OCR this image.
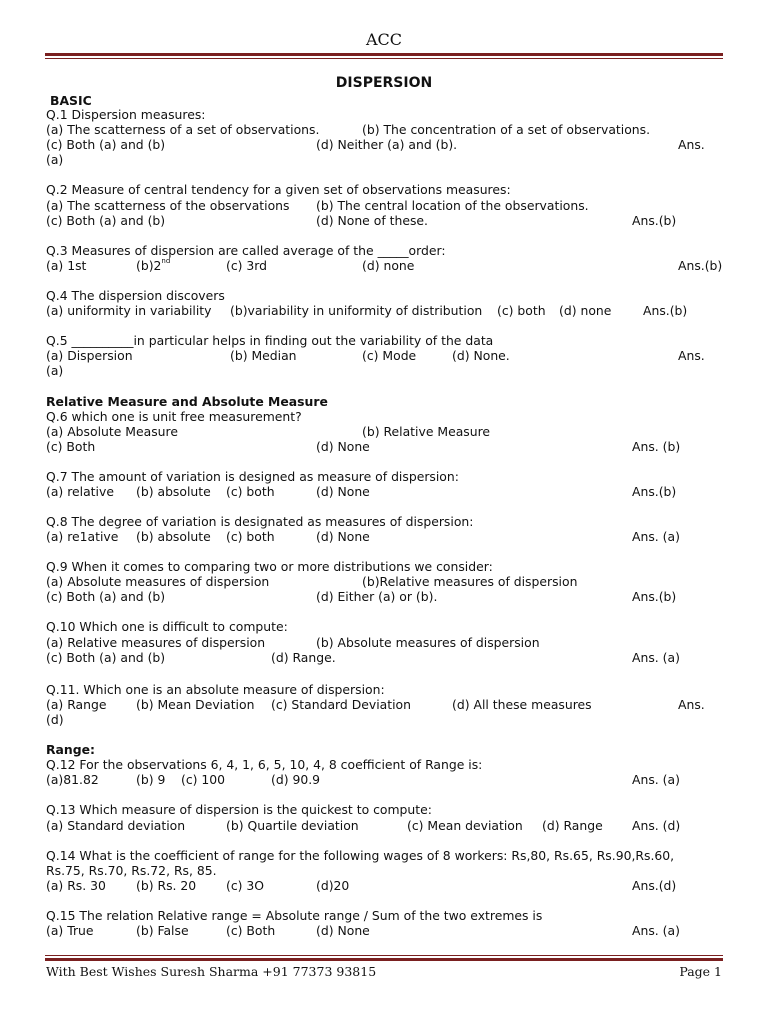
ACC
DISPERSION
BASIC
Q.1 Dispersion measures:
(a) The scatterness of a set of observations.	(b) The concentration of a set of observations.
(c) Both (a) and (b)	(d) Neither (a) and (b).	Ans.
(a)
Q.2 Measure of central tendency for a given set of observations measures:
(a) The scatterness of the observations (b) The central location of the observations.
(c) Both (a) and (b)	(d) None of these.	Ans.(b)
Q.3 Measures of dispersion are called average of the _____order:
(a) 1st	(b)2nd	(c) 3rd	(d) none	Ans.(b)
Q.4 The dispersion discovers
(a) uniformity in variability (b)variability in uniformity of distribution (c) both (d) none	Ans.(b)
Q.5 __________in particular helps in finding out the variability of the data
(a) Dispersion	(b) Median	(c) Mode	(d) None.	Ans.
(a)
Relative Measure and Absolute Measure
Q.6 which one is unit free measurement?
(a) Absolute Measure	(b) Relative Measure
(c) Both	(d) None	Ans. (b)
Q.7 The amount of variation is designed as measure of dispersion:
(a) relative (b) absolute (c) both	(d) None	Ans.(b)
Q.8 The degree of variation is designated as measures of dispersion:
(a) re1ative (b) absolute (c) both	(d) None	Ans. (a)
Q.9 When it comes to comparing two or more distributions we consider:
(a) Absolute measures of dispersion	(b)Relative measures of dispersion
(c) Both (a) and (b)	(d) Either (a) or (b).	Ans.(b)
Q.10 Which one is difficult to compute:
(a) Relative measures of dispersion	(b) Absolute measures of dispersion
(c) Both (a) and (b)	(d) Range.	Ans. (a)
Q.11. Which one is an absolute measure of dispersion:
(a) Range (b) Mean Deviation (c) Standard Deviation	(d) All these measures	Ans.
(d)
Range:
Q.12 For the observations 6, 4, 1, 6, 5, 10, 4, 8 coefficient of Range is:
(a)81.82	(b) 9 (c) 100	(d) 90.9	Ans. (a)
Q.13 Which measure of dispersion is the quickest to compute:
(a) Standard deviation	(b) Quartile deviation	(c) Mean deviation (d) Range Ans. (d)
Q.14 What is the coefficient of range for the following wages of 8 workers: Rs,80, Rs.65, Rs.90,Rs.60,
Rs.75, Rs.70, Rs.72, Rs, 85.
(a) Rs. 30 (b) Rs. 20 (c) 3O	(d)20	Ans.(d)
Q.15 The relation Relative range = Absolute range / Sum of the two extremes is
(a) True	(b) False	(c) Both	(d) None	Ans. (a)
With Best Wishes Suresh Sharma +91 77373 93815	Page 1
